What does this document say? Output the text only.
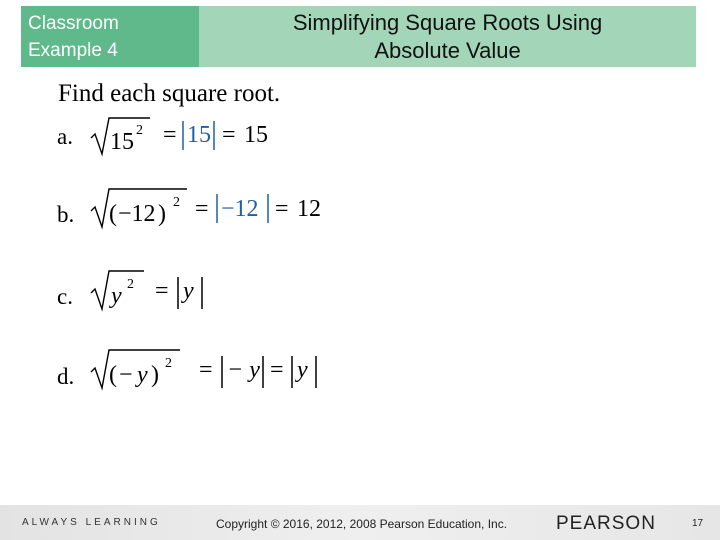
Classroom
Example 4
Simplifying Square Roots Using
Absolute Value
Find each square root.
a. 15 2 = 15 = 15
b. ( −12 ) 2 = −12 = 12
c. y 2 = y
d. ( − y ) 2 = − y = y
ALWAYS LEARNING	Copyright © 2016, 2012, 2008 Pearson Education, Inc.	PEARSON	17
